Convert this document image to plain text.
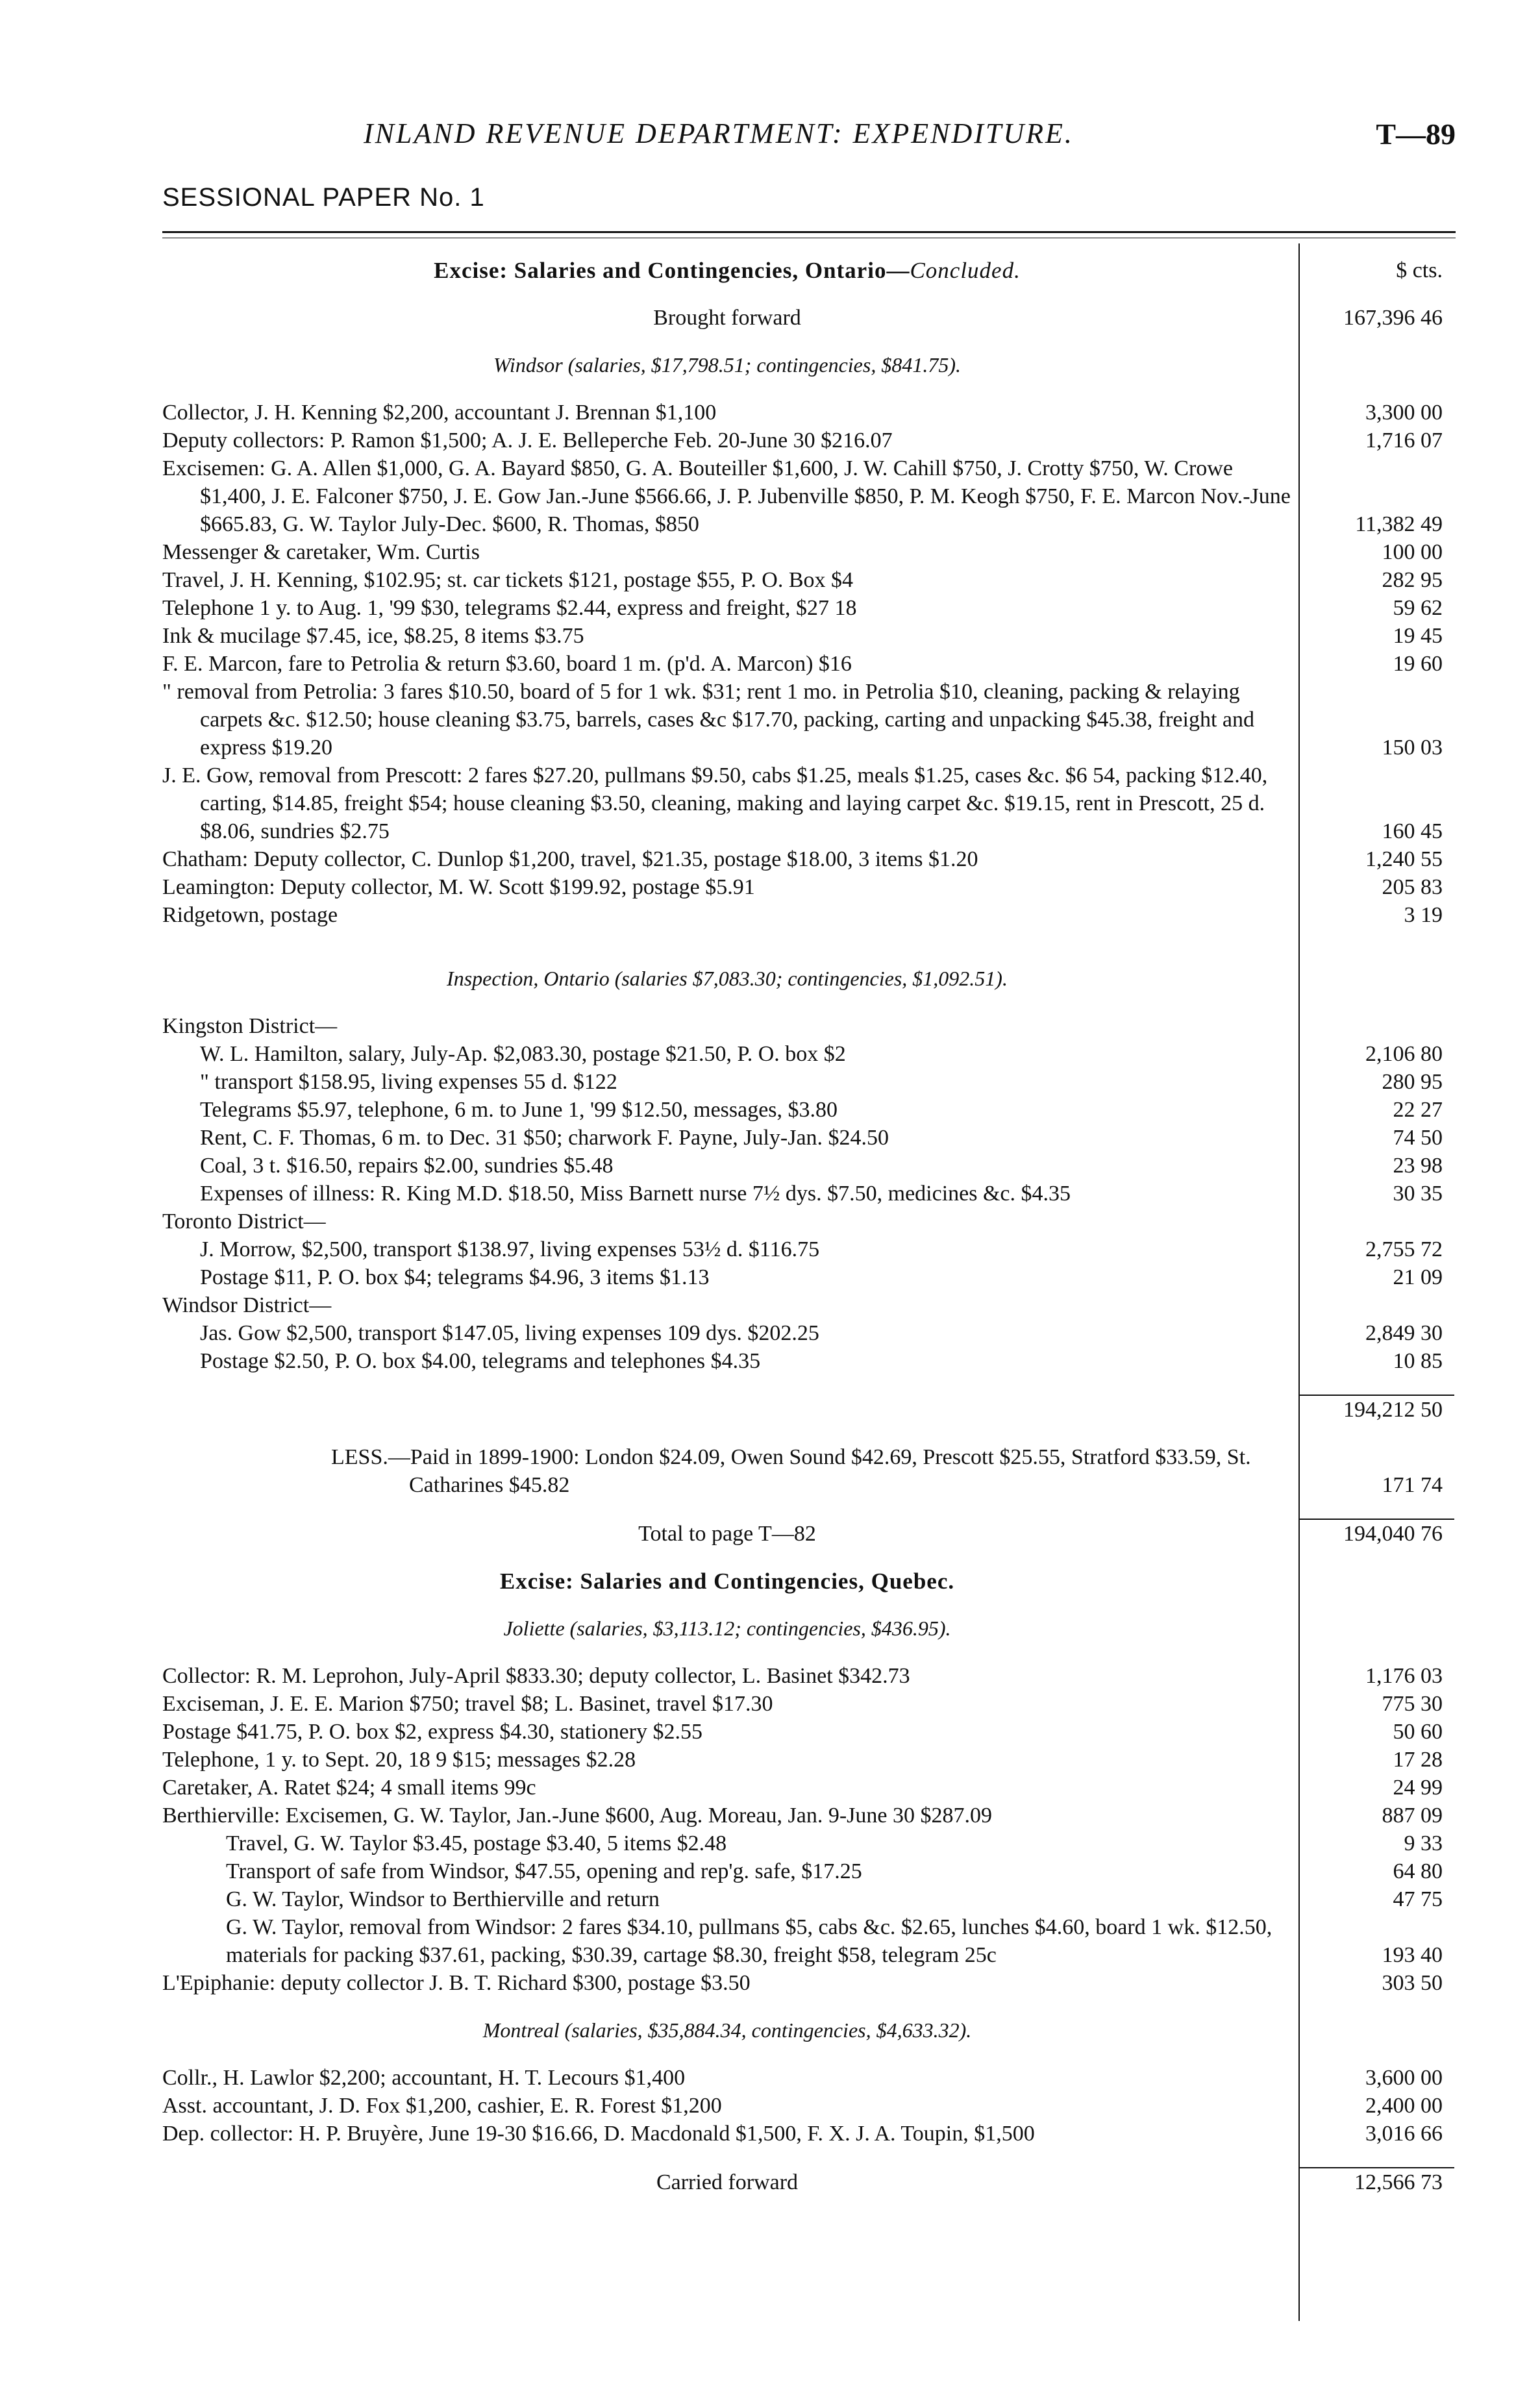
INLAND REVENUE DEPARTMENT: EXPENDITURE.	T—89
SESSIONAL PAPER No. 1
Excise: Salaries and Contingencies, Ontario—Concluded.	$ cts.
Brought forward	167,396 46
Windsor (salaries, $17,798.51; contingencies, $841.75).
Collector, J. H. Kenning $2,200, accountant J. Brennan $1,100	3,300 00
Deputy collectors: P. Ramon $1,500; A. J. E. Belleperche Feb. 20-June 30 $216.07	1,716 07
Excisemen: G. A. Allen $1,000, G. A. Bayard $850, G. A. Bouteiller $1,600, J. W. Cahill $750, J. Crotty $750, W. Crowe $1,400, J. E. Falconer $750, J. E. Gow Jan.-June $566.66, J. P. Jubenville $850, P. M. Keogh $750, F. E. Marcon Nov.-June $665.83, G. W. Taylor July-Dec. $600, R. Thomas, $850	11,382 49
Messenger & caretaker, Wm. Curtis	100 00
Travel, J. H. Kenning, $102.95; st. car tickets $121, postage $55, P. O. Box $4	282 95
Telephone 1 y. to Aug. 1, '99 $30, telegrams $2.44, express and freight, $27 18	59 62
Ink & mucilage $7.45, ice, $8.25, 8 items $3.75	19 45
F. E. Marcon, fare to Petrolia & return $3.60, board 1 m. (p'd. A. Marcon) $16	19 60
" removal from Petrolia: 3 fares $10.50, board of 5 for 1 wk. $31; rent 1 mo. in Petrolia $10, cleaning, packing & relaying carpets &c. $12.50; house cleaning $3.75, barrels, cases &c $17.70, packing, carting and unpacking $45.38, freight and express $19.20	150 03
J. E. Gow, removal from Prescott: 2 fares $27.20, pullmans $9.50, cabs $1.25, meals $1.25, cases &c. $6 54, packing $12.40, carting, $14.85, freight $54; house cleaning $3.50, cleaning, making and laying carpet &c. $19.15, rent in Prescott, 25 d. $8.06, sundries $2.75	160 45
Chatham: Deputy collector, C. Dunlop $1,200, travel, $21.35, postage $18.00, 3 items $1.20	1,240 55
Leamington: Deputy collector, M. W. Scott $199.92, postage $5.91	205 83
Ridgetown, postage	3 19
Inspection, Ontario (salaries $7,083.30; contingencies, $1,092.51).
Kingston District—
W. L. Hamilton, salary, July-Ap. $2,083.30, postage $21.50, P. O. box $2	2,106 80
" transport $158.95, living expenses 55 d. $122	280 95
Telegrams $5.97, telephone, 6 m. to June 1, '99 $12.50, messages, $3.80	22 27
Rent, C. F. Thomas, 6 m. to Dec. 31 $50; charwork F. Payne, July-Jan. $24.50	74 50
Coal, 3 t. $16.50, repairs $2.00, sundries $5.48	23 98
Expenses of illness: R. King M.D. $18.50, Miss Barnett nurse 7½ dys. $7.50, medicines &c. $4.35	30 35
Toronto District—
J. Morrow, $2,500, transport $138.97, living expenses 53½ d. $116.75	2,755 72
Postage $11, P. O. box $4; telegrams $4.96, 3 items $1.13	21 09
Windsor District—
Jas. Gow $2,500, transport $147.05, living expenses 109 dys. $202.25	2,849 30
Postage $2.50, P. O. box $4.00, telegrams and telephones $4.35	10 85
194,212 50
LESS.—Paid in 1899-1900: London $24.09, Owen Sound $42.69, Prescott $25.55, Stratford $33.59, St. Catharines $45.82	171 74
Total to page T—82	194,040 76
Excise: Salaries and Contingencies, Quebec.
Joliette (salaries, $3,113.12; contingencies, $436.95).
Collector: R. M. Leprohon, July-April $833.30; deputy collector, L. Basinet $342.73	1,176 03
Exciseman, J. E. E. Marion $750; travel $8; L. Basinet, travel $17.30	775 30
Postage $41.75, P. O. box $2, express $4.30, stationery $2.55	50 60
Telephone, 1 y. to Sept. 20, 18 9 $15; messages $2.28	17 28
Caretaker, A. Ratet $24; 4 small items 99c	24 99
Berthierville: Excisemen, G. W. Taylor, Jan.-June $600, Aug. Moreau, Jan. 9-June 30 $287.09	887 09
Travel, G. W. Taylor $3.45, postage $3.40, 5 items $2.48	9 33
Transport of safe from Windsor, $47.55, opening and rep'g. safe, $17.25	64 80
G. W. Taylor, Windsor to Berthierville and return	47 75
G. W. Taylor, removal from Windsor: 2 fares $34.10, pullmans $5, cabs &c. $2.65, lunches $4.60, board 1 wk. $12.50, materials for packing $37.61, packing, $30.39, cartage $8.30, freight $58, telegram 25c	193 40
L'Epiphanie: deputy collector J. B. T. Richard $300, postage $3.50	303 50
Montreal (salaries, $35,884.34, contingencies, $4,633.32).
Collr., H. Lawlor $2,200; accountant, H. T. Lecours $1,400	3,600 00
Asst. accountant, J. D. Fox $1,200, cashier, E. R. Forest $1,200	2,400 00
Dep. collector: H. P. Bruyère, June 19-30 $16.66, D. Macdonald $1,500, F. X. J. A. Toupin, $1,500	3,016 66
Carried forward	12,566 73
